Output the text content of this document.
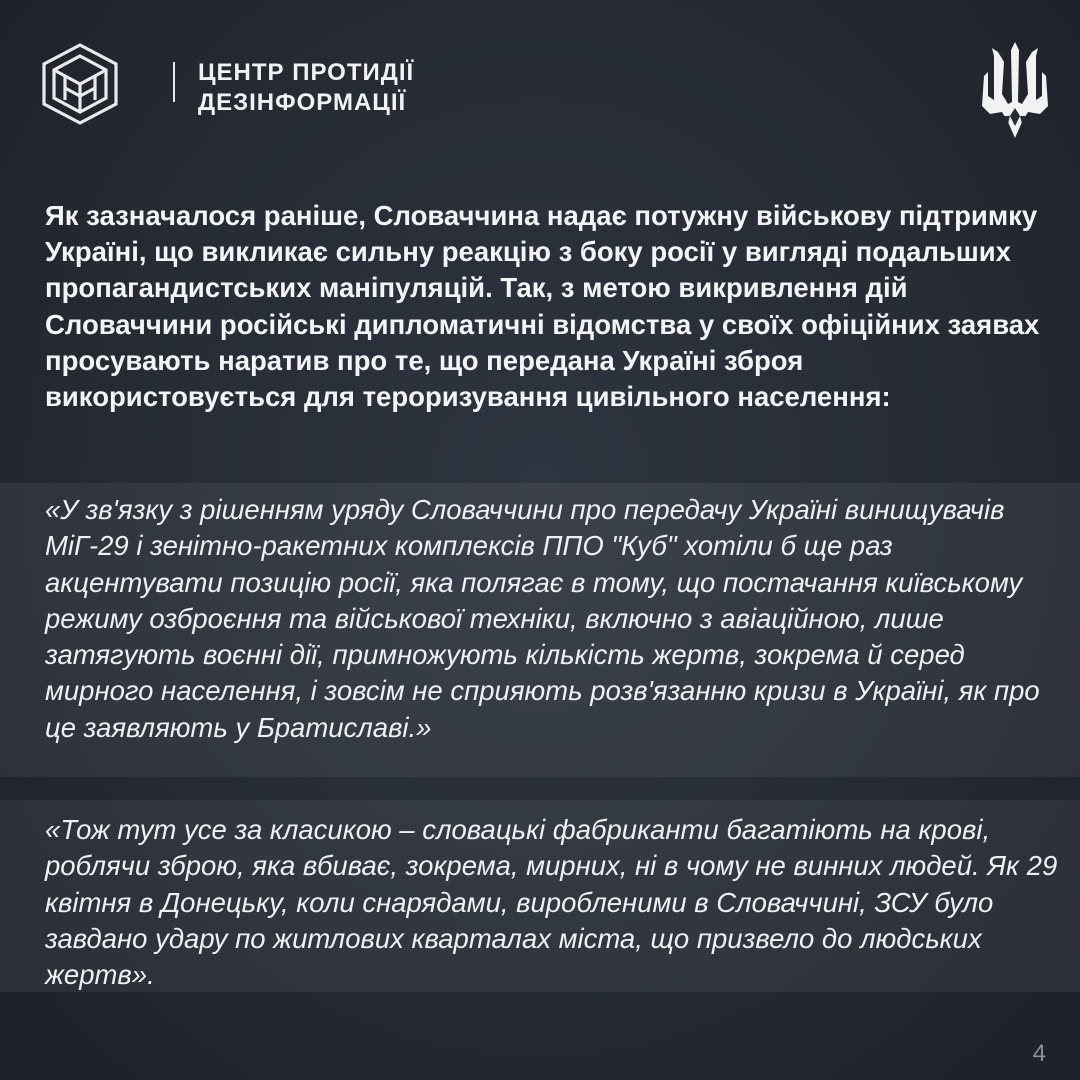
ЦЕНТР ПРОТИДІЇ
ДЕЗІНФОРМАЦІЇ

Як зазначалося раніше, Словаччина надає потужну військову підтримку Україні, що викликає сильну реакцію з боку росії у вигляді подальших пропагандистських маніпуляцій. Так, з метою викривлення дій Словаччини російські дипломатичні відомства у своїх офіційних заявах просувають наратив про те, що передана Україні зброя використовується для тероризування цивільного населення:

«У зв'язку з рішенням уряду Словаччини про передачу Україні винищувачів МіГ-29 і зенітно-ракетних комплексів ППО "Куб" хотіли б ще раз акцентувати позицію росії, яка полягає в тому, що постачання київському режиму озброєння та військової техніки, включно з авіаційною, лише затягують воєнні дії, примножують кількість жертв, зокрема й серед мирного населення, і зовсім не сприяють розв'язанню кризи в Україні, як про це заявляють у Братиславі.»

«Тож тут усе за класикою – словацькі фабриканти багатіють на крові, роблячи зброю, яка вбиває, зокрема, мирних, ні в чому не винних людей. Як 29 квітня в Донецьку, коли снарядами, виробленими в Словаччині, ЗСУ було завдано удару по житлових кварталах міста, що призвело до людських жертв».

4
